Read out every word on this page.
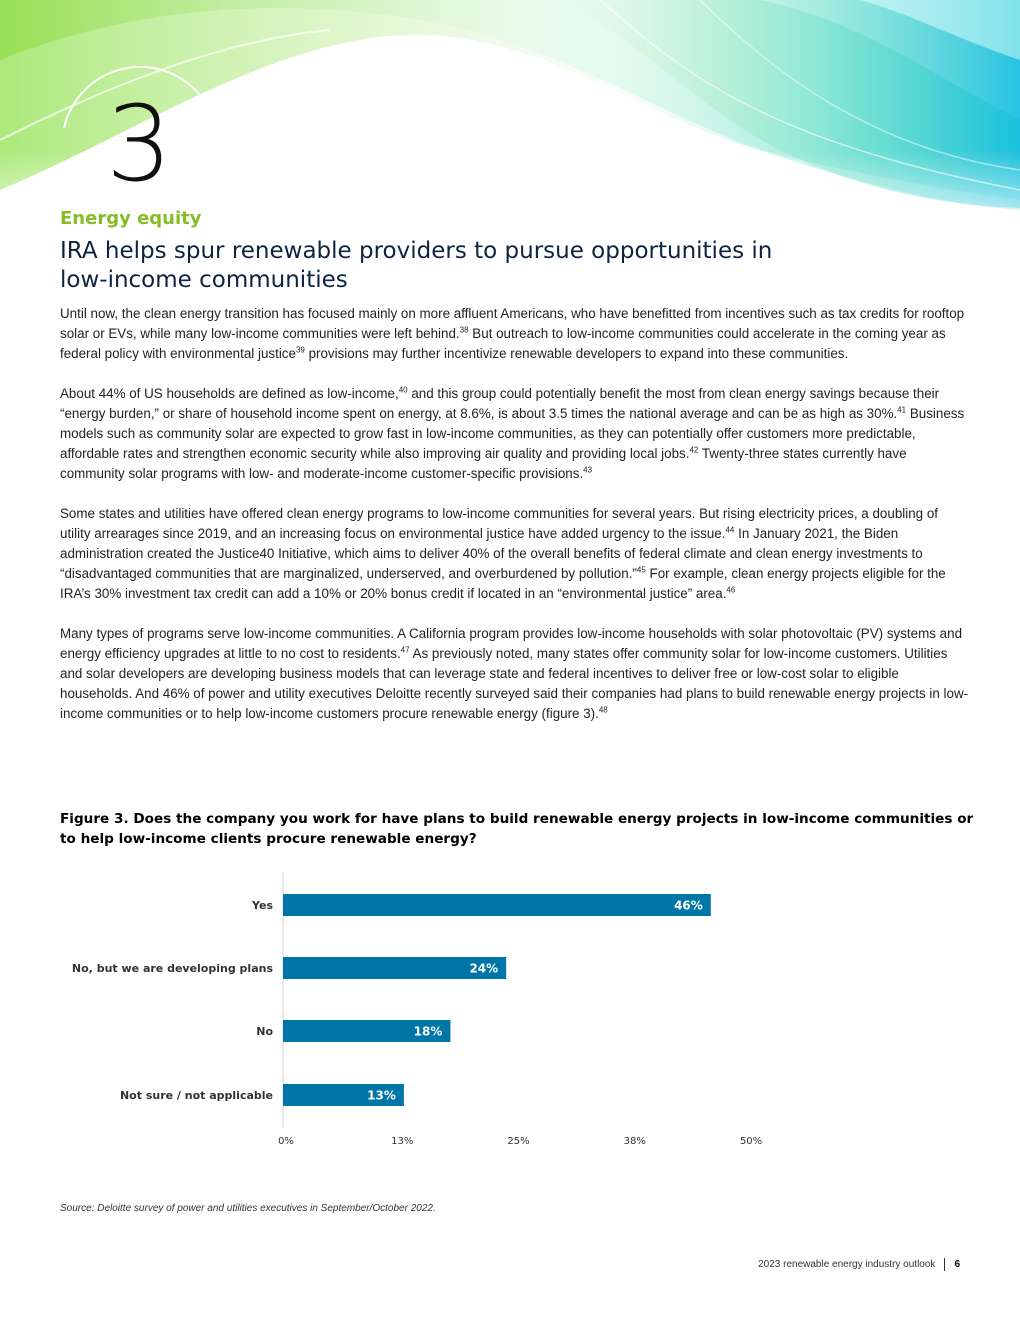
3
Energy equity
IRA helps spur renewable providers to pursue opportunities in low-income communities

Until now, the clean energy transition has focused mainly on more affluent Americans, who have benefitted from incentives such as tax credits for rooftop solar or EVs, while many low-income communities were left behind.$^{38}$ But outreach to low-income communities could accelerate in the coming year as federal policy with environmental justice$^{39}$ provisions may further incentivize renewable developers to expand into these communities.

About 44% of US households are defined as low-income,$^{40}$ and this group could potentially benefit the most from clean energy savings because their “energy burden,” or share of household income spent on energy, at 8.6%, is about 3.5 times the national average and can be as high as 30%.$^{41}$ Business models such as community solar are expected to grow fast in low-income communities, as they can potentially offer customers more predictable, affordable rates and strengthen economic security while also improving air quality and providing local jobs.$^{42}$ Twenty-three states currently have community solar programs with low- and moderate-income customer-specific provisions.$^{43}$

Some states and utilities have offered clean energy programs to low-income communities for several years. But rising electricity prices, a doubling of utility arrearages since 2019, and an increasing focus on environmental justice have added urgency to the issue.$^{44}$ In January 2021, the Biden administration created the Justice40 Initiative, which aims to deliver 40% of the overall benefits of federal climate and clean energy investments to “disadvantaged communities that are marginalized, underserved, and overburdened by pollution.”$^{45}$ For example, clean energy projects eligible for the IRA’s 30% investment tax credit can add a 10% or 20% bonus credit if located in an “environmental justice” area.$^{46}$

Many types of programs serve low-income communities. A California program provides low-income households with solar photovoltaic (PV) systems and energy efficiency upgrades at little to no cost to residents.$^{47}$ As previously noted, many states offer community solar for low-income customers. Utilities and solar developers are developing business models that can leverage state and federal incentives to deliver free or low-cost solar to eligible households. And 46% of power and utility executives Deloitte recently surveyed said their companies had plans to build renewable energy projects in low-income communities or to help low-income customers procure renewable energy (figure 3).$^{48}$

Figure 3. Does the company you work for have plans to build renewable energy projects in low-income communities or to help low-income clients procure renewable energy?
Yes	46%
No, but we are developing plans	24%
No	18%
Not sure / not applicable	13%
0%	13%	25%	38%	50%
Source: Deloitte survey of power and utilities executives in September/October 2022.
2023 renewable energy industry outlook 6
